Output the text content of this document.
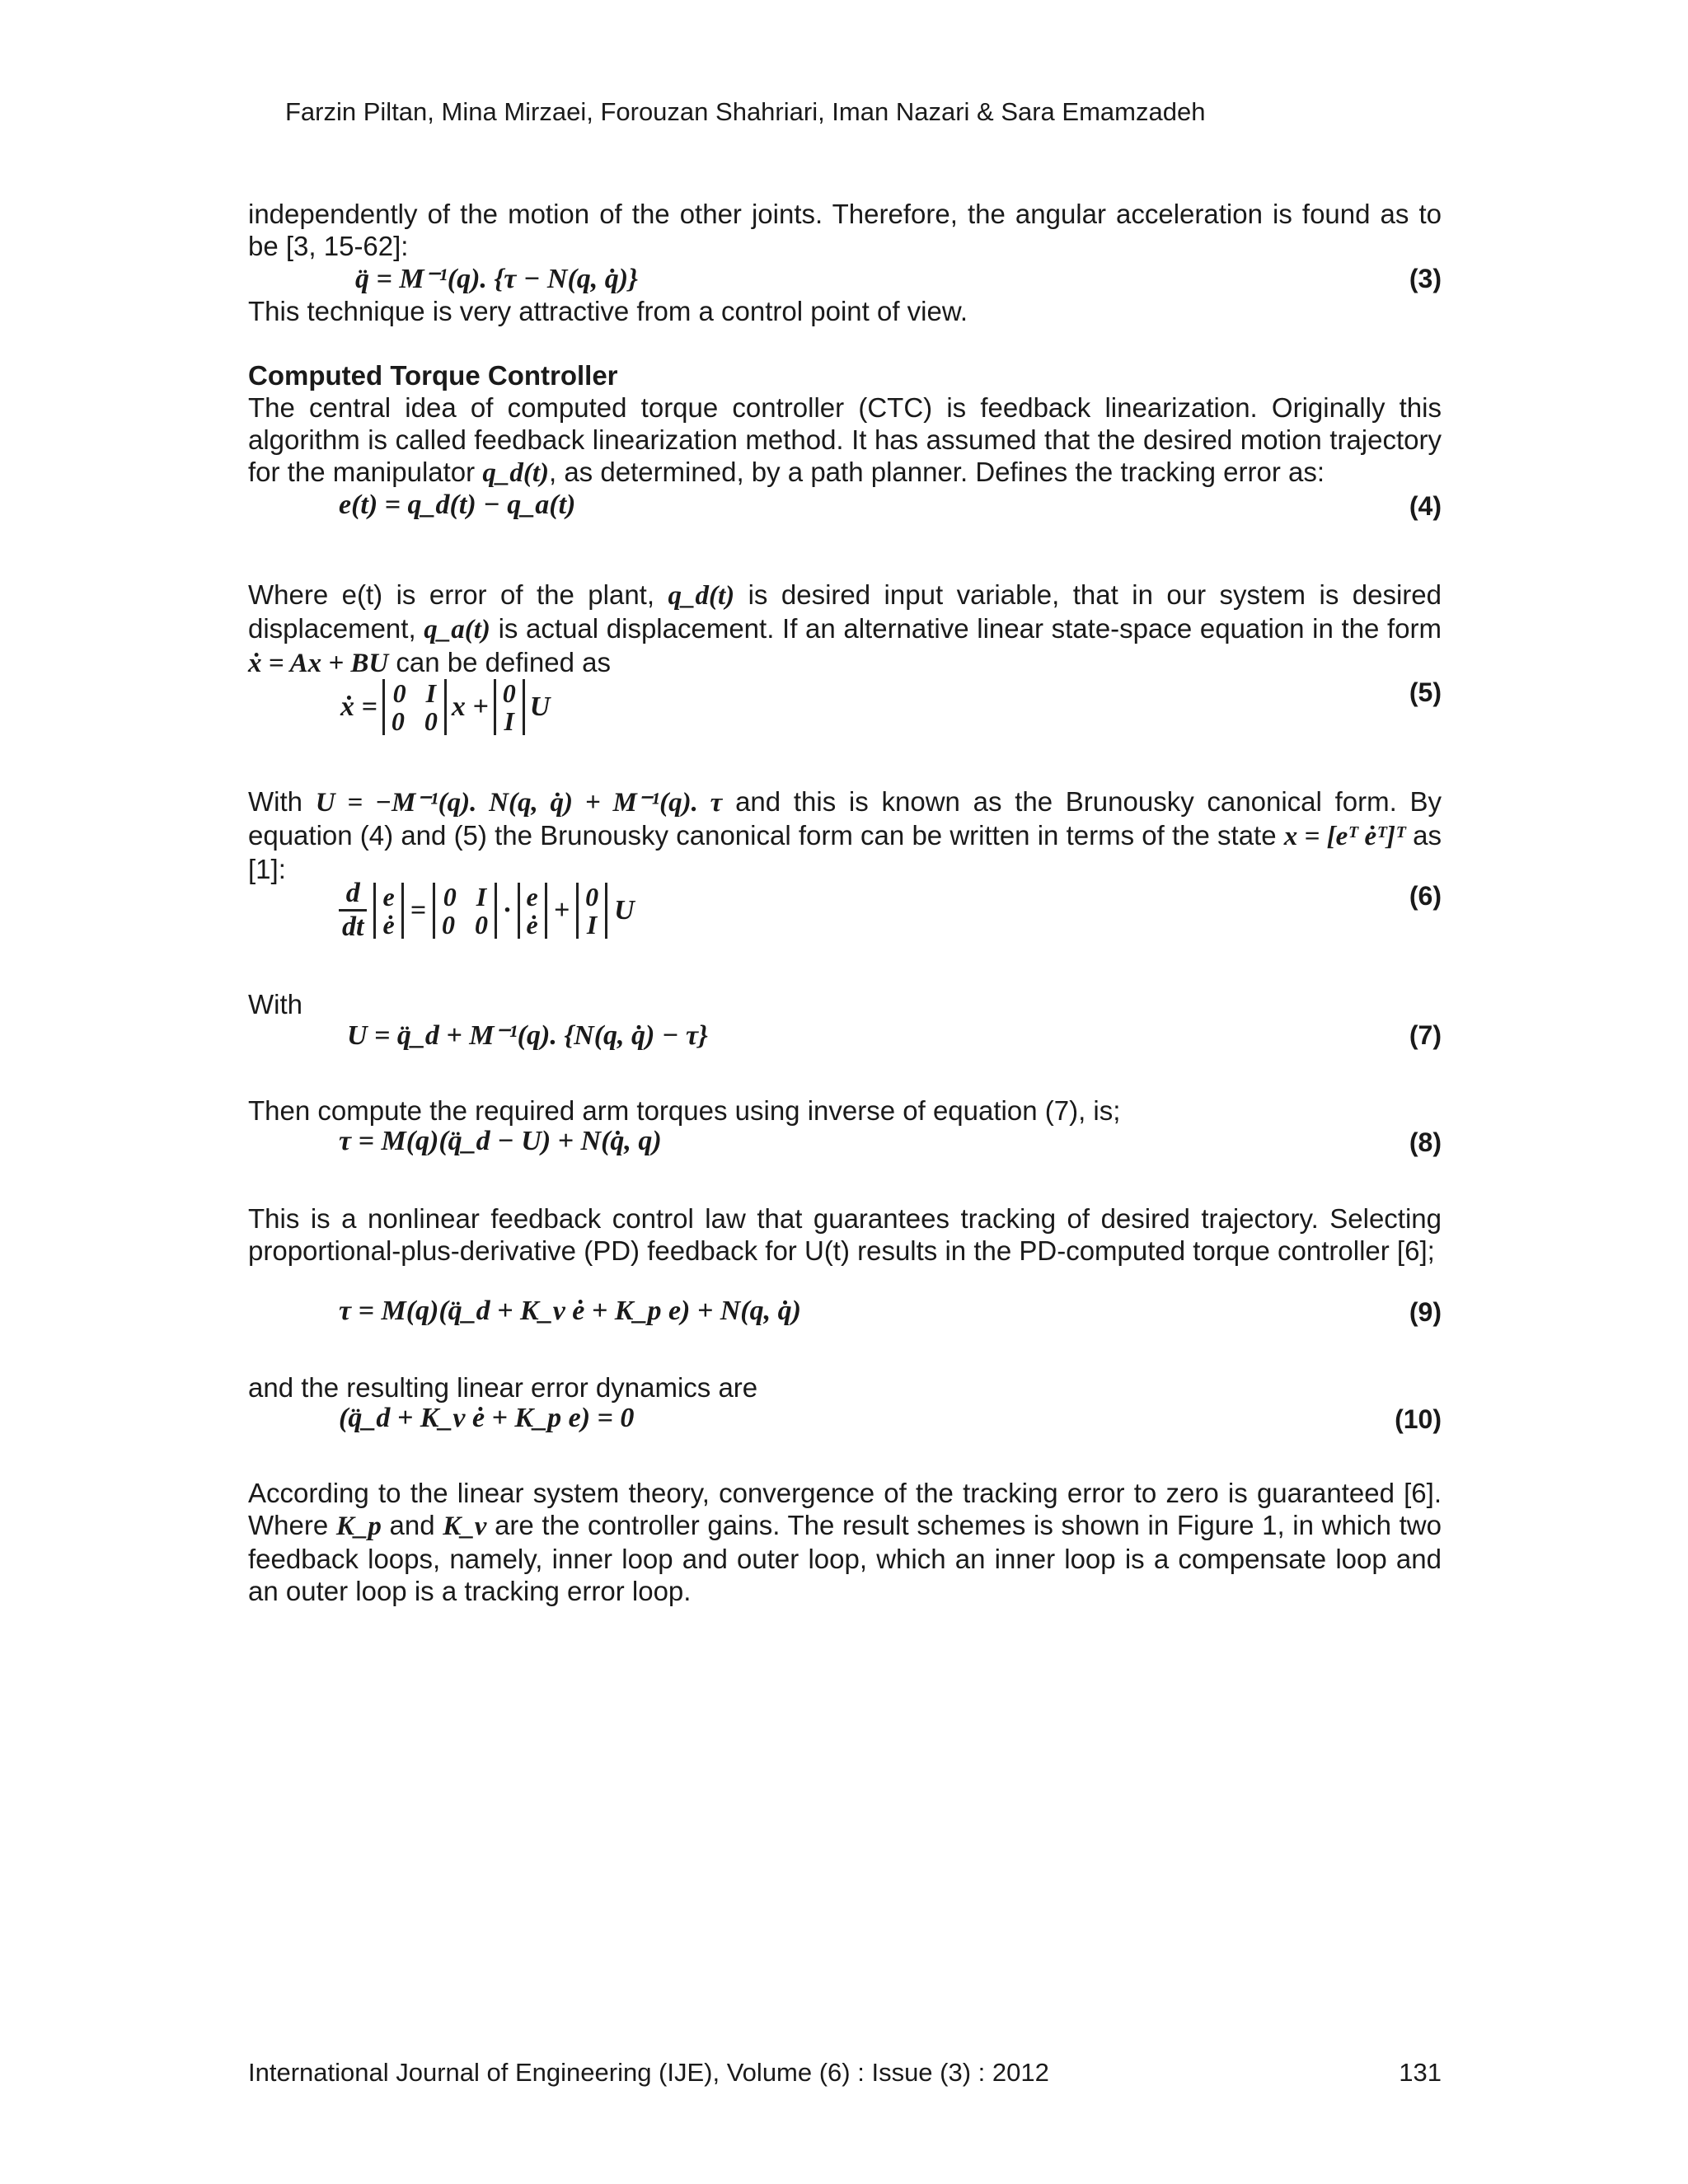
Farzin Piltan, Mina Mirzaei, Forouzan Shahriari, Iman Nazari & Sara Emamzadeh

independently of the motion of the other joints. Therefore, the angular acceleration is found as to be [3, 15-62]:

q̈ = M⁻¹(q). {τ − N(q, q̇)}	(3)

This technique is very attractive from a control point of view.

Computed Torque Controller

The central idea of computed torque controller (CTC) is feedback linearization. Originally this algorithm is called feedback linearization method. It has assumed that the desired motion trajectory for the manipulator q_d(t), as determined, by a path planner. Defines the tracking error as:

e(t) = q_d(t) − q_a(t)	(4)

Where e(t) is error of the plant, q_d(t) is desired input variable, that in our system is desired displacement, q_a(t) is actual displacement. If an alternative linear state-space equation in the form ẋ = Ax + BU can be defined as

ẋ = 0   I
0   0 x + 0
I U	(5)

With U = −M⁻¹(q). N(q, q̇) + M⁻¹(q). τ and this is known as the Brunousky canonical form. By equation (4) and (5) the Brunousky canonical form can be written in terms of the state x = [eᵀ ėᵀ]ᵀ as [1]:

$\frac{d}{dt}$ e
ė = 0   I
0   0 · e
ė + 0
I U	(6)

With

U = q̈_d + M⁻¹(q). {N(q, q̇) − τ}	(7)

Then compute the required arm torques using inverse of equation (7), is;

τ = M(q)(q̈_d − U) + N(q̇, q)	(8)

This is a nonlinear feedback control law that guarantees tracking of desired trajectory. Selecting proportional-plus-derivative (PD) feedback for U(t) results in the PD-computed torque controller [6];

τ = M(q)(q̈_d + K_v ė + K_p e) + N(q, q̇)	(9)

and the resulting linear error dynamics are

(q̈_d + K_v ė + K_p e) = 0	(10)

According to the linear system theory, convergence of the tracking error to zero is guaranteed [6]. Where K_p and K_v are the controller gains. The result schemes is shown in Figure 1, in which two feedback loops, namely, inner loop and outer loop, which an inner loop is a compensate loop and an outer loop is a tracking error loop.

International Journal of Engineering (IJE), Volume (6) : Issue (3) : 2012	131
